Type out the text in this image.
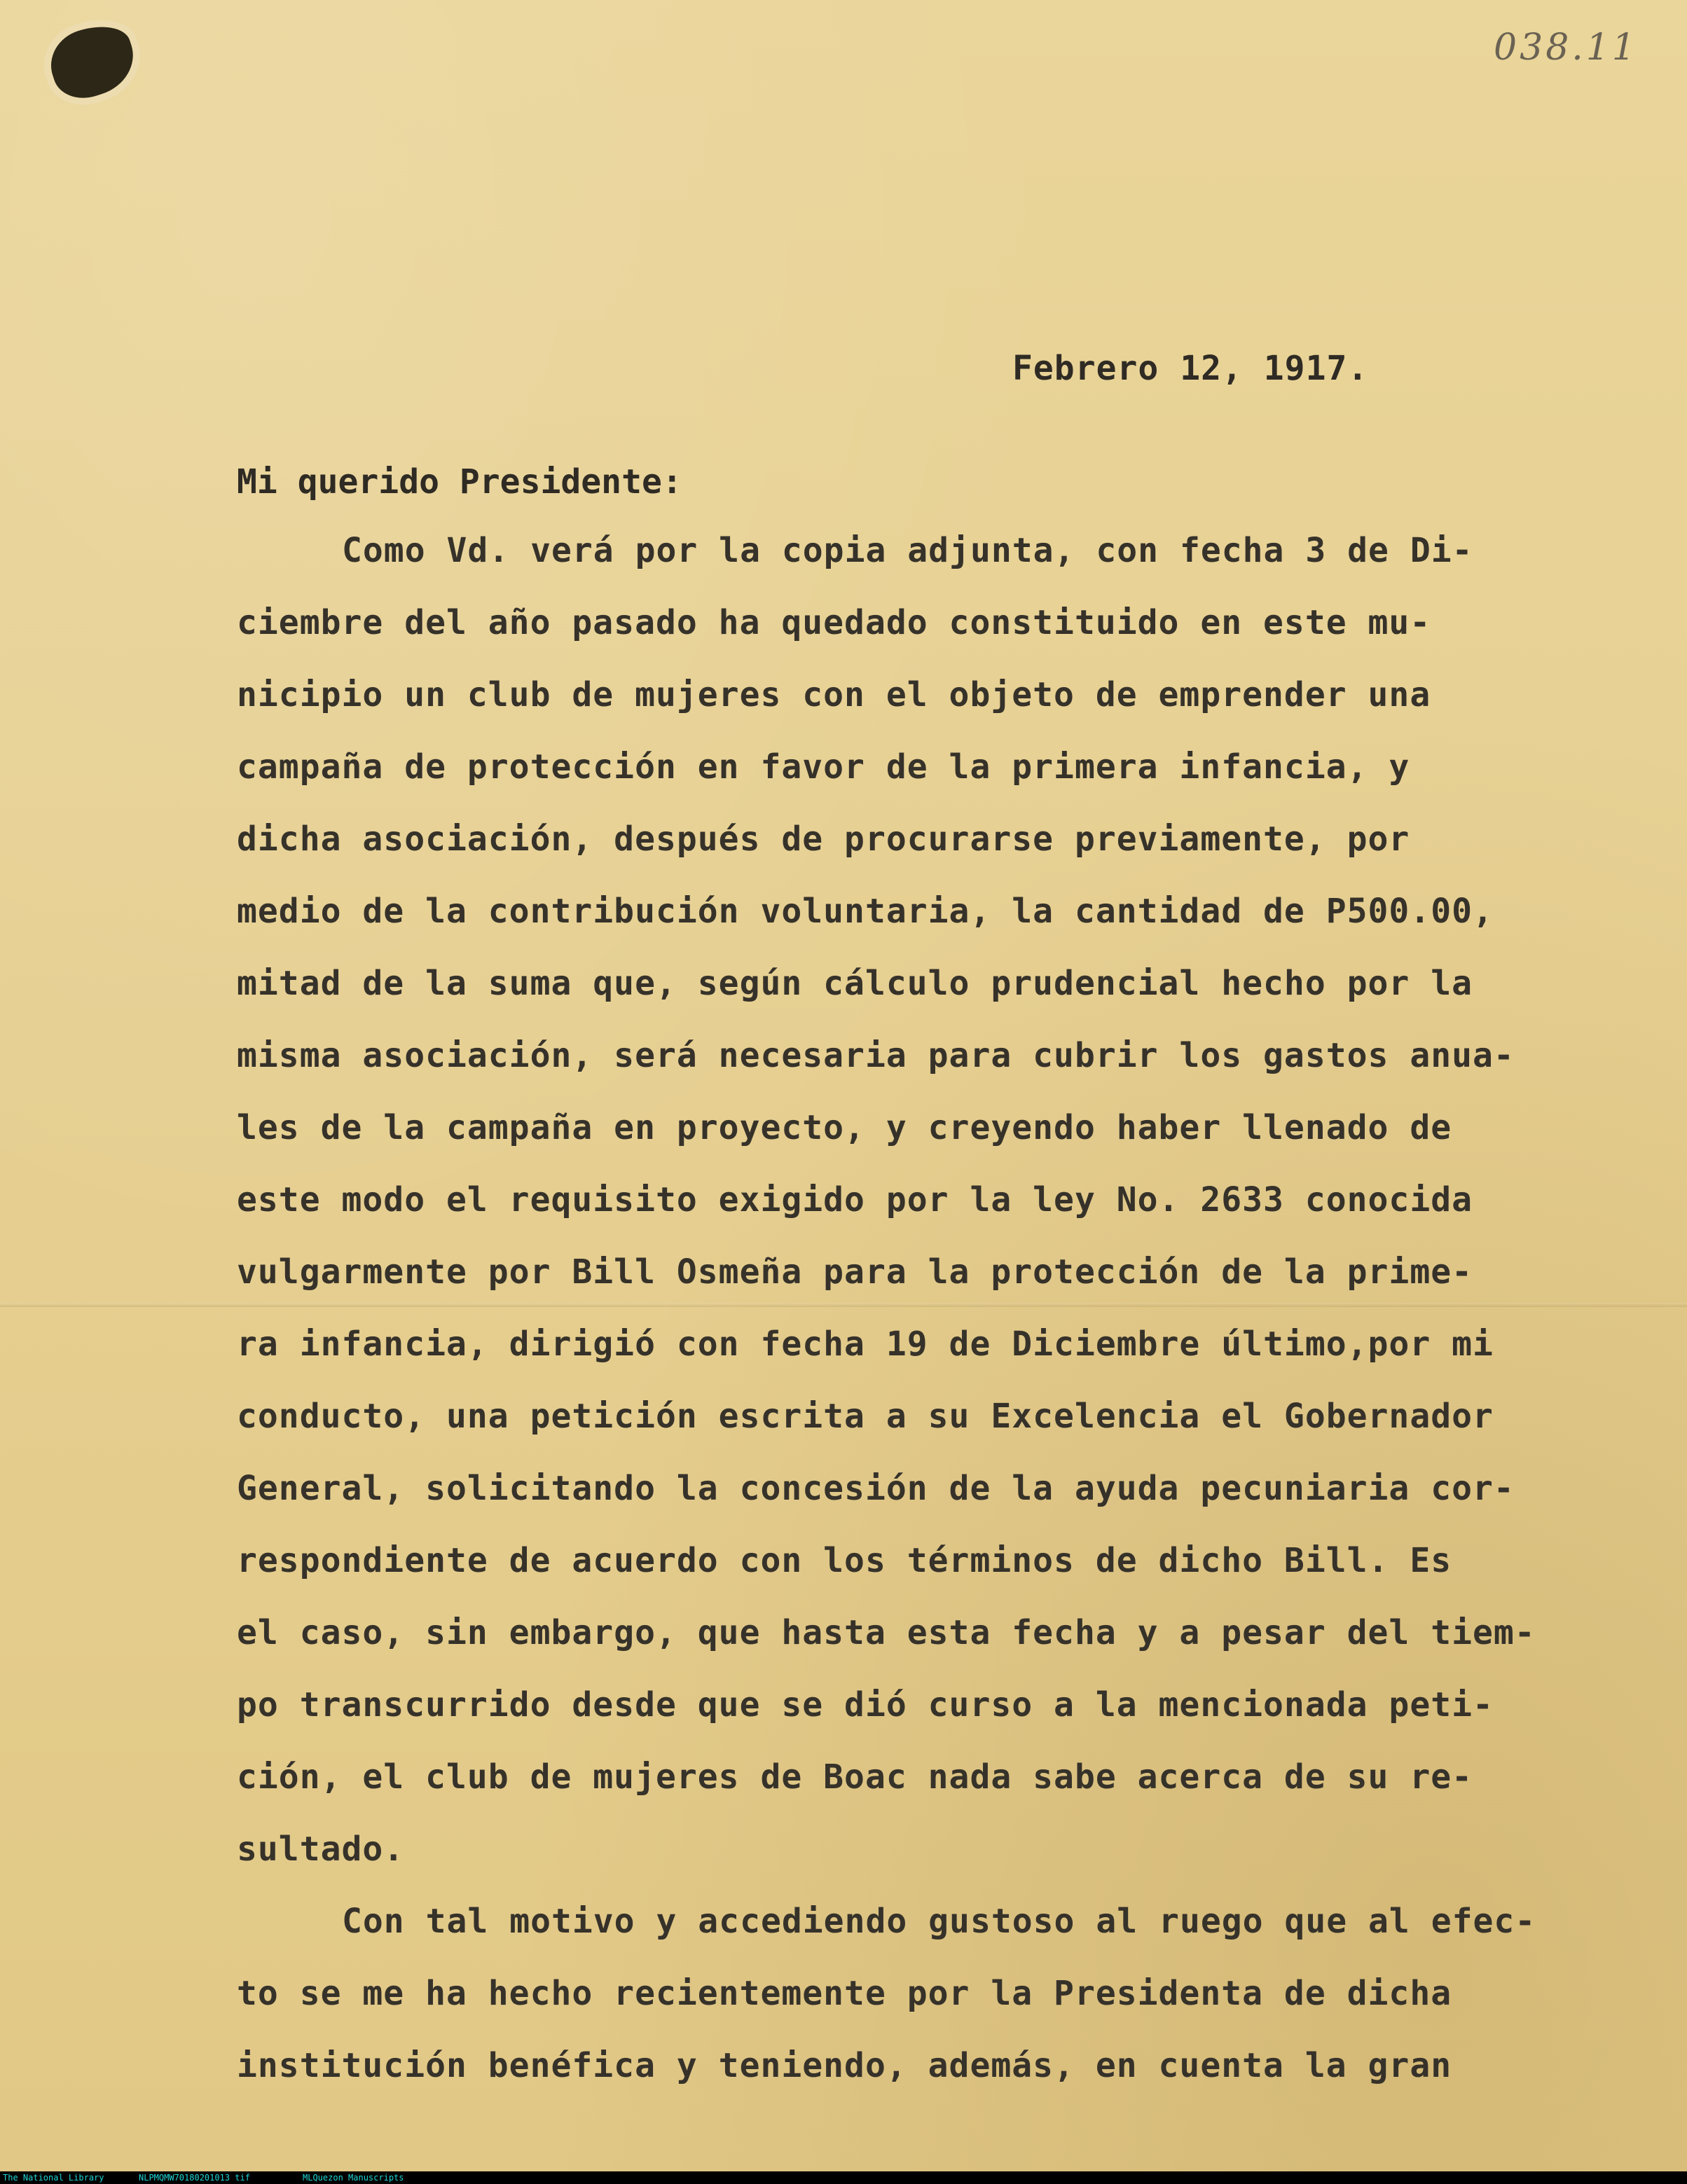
038.11
Febrero 12, 1917.
Mi querido Presidente:
Como Vd. verá por la copia adjunta, con fecha 3 de Di-
ciembre del año pasado ha quedado constituido en este mu-
nicipio un club de mujeres con el objeto de emprender una
campaña de protección en favor de la primera infancia, y
dicha asociación, después de procurarse previamente, por
medio de la contribución voluntaria, la cantidad de P500.00,
mitad de la suma que, según cálculo prudencial hecho por la
misma asociación, será necesaria para cubrir los gastos anua-
les de la campaña en proyecto, y creyendo haber llenado de
este modo el requisito exigido por la ley No. 2633 conocida
vulgarmente por Bill Osmeña para la protección de la prime-
ra infancia, dirigió con fecha 19 de Diciembre último,por mi
conducto, una petición escrita a su Excelencia el Gobernador
General, solicitando la concesión de la ayuda pecuniaria cor-
respondiente de acuerdo con los términos de dicho Bill. Es
el caso, sin embargo, que hasta esta fecha y a pesar del tiem-
po transcurrido desde que se dió curso a la mencionada peti-
ción, el club de mujeres de Boac nada sabe acerca de su re-
sultado.
Con tal motivo y accediendo gustoso al ruego que al efec-
to se me ha hecho recientemente por la Presidenta de dicha
institución benéfica y teniendo, además, en cuenta la gran
The National Library	NLPMQMW70180201013 tif	MLQuezon Manuscripts
